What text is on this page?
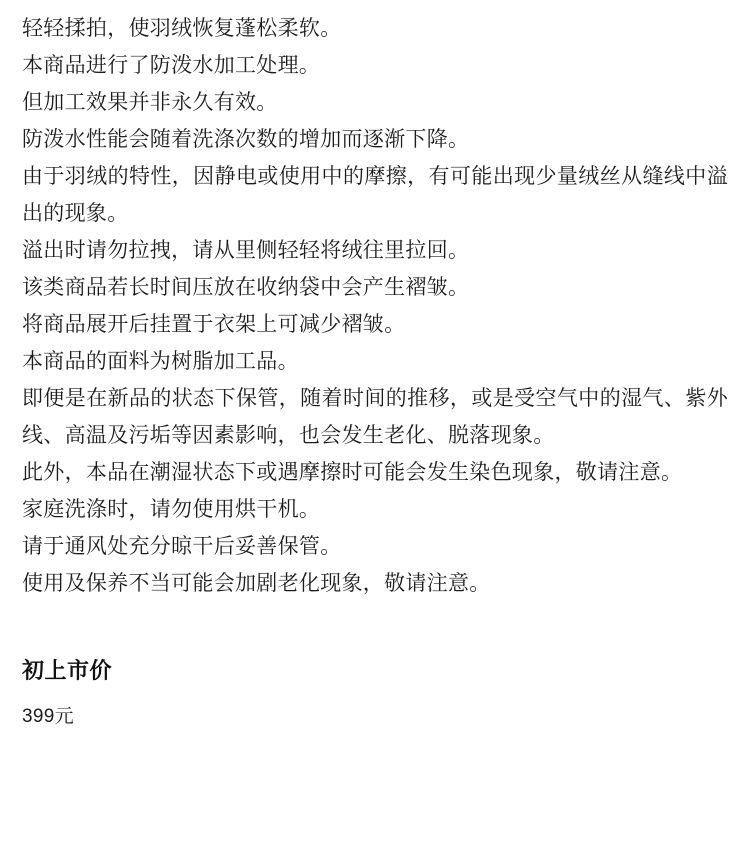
轻轻揉拍，使羽绒恢复蓬松柔软。

本商品进行了防泼水加工处理。

但加工效果并非永久有效。

防泼水性能会随着洗涤次数的增加而逐渐下降。

由于羽绒的特性，因静电或使用中的摩擦，有可能出现少量绒丝从缝线中溢出的现象。

溢出时请勿拉拽，请从里侧轻轻将绒往里拉回。

该类商品若长时间压放在收纳袋中会产生褶皱。

将商品展开后挂置于衣架上可减少褶皱。

本商品的面料为树脂加工品。

即便是在新品的状态下保管，随着时间的推移，或是受空气中的湿气、紫外线、高温及污垢等因素影响，也会发生老化、脱落现象。

此外，本品在潮湿状态下或遇摩擦时可能会发生染色现象，敬请注意。

家庭洗涤时，请勿使用烘干机。

请于通风处充分晾干后妥善保管。

使用及保养不当可能会加剧老化现象，敬请注意。

初上市价

399元
